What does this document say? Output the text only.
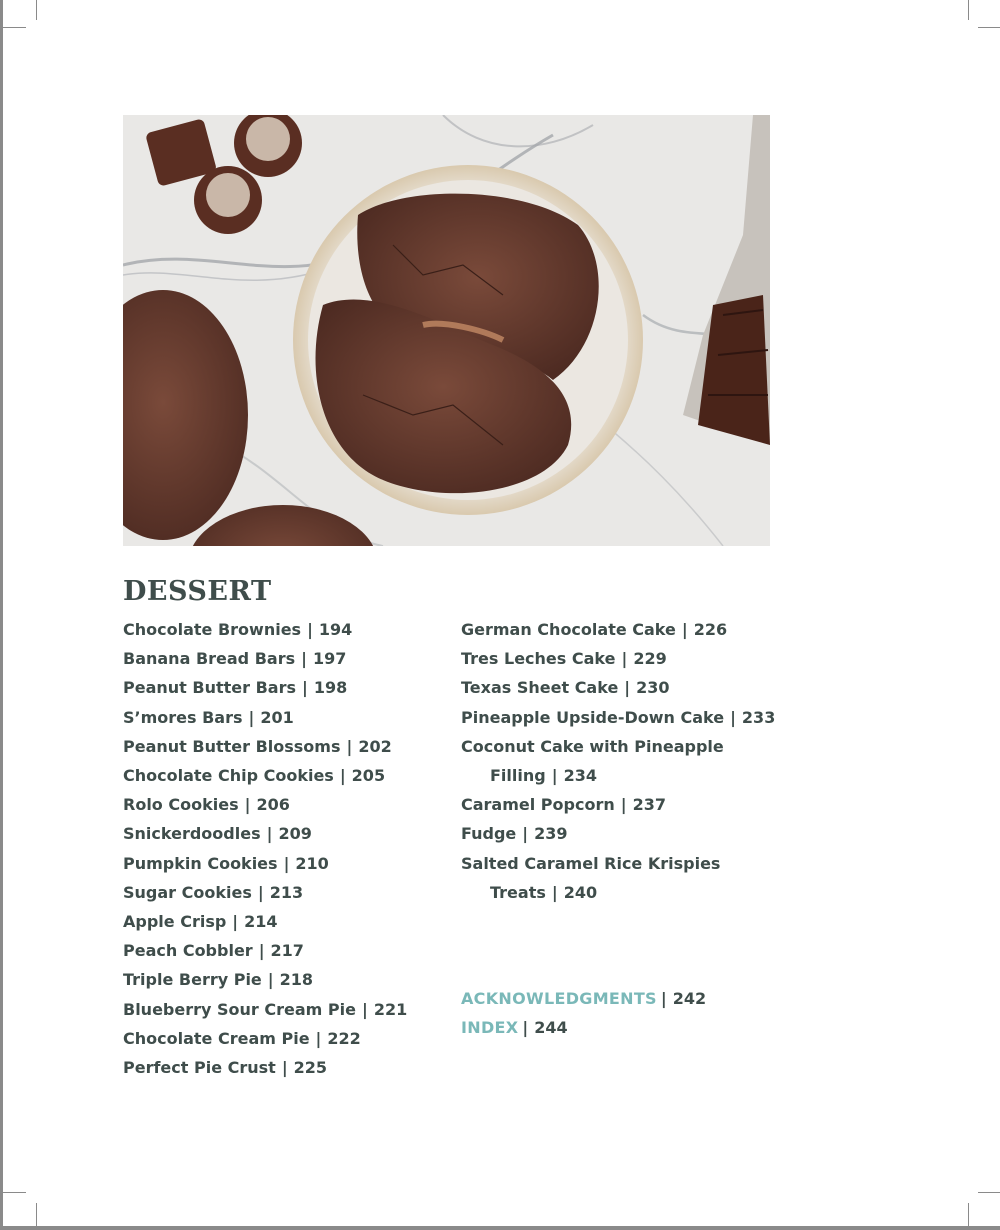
DESSERT
Chocolate Brownies | 194
Banana Bread Bars | 197
Peanut Butter Bars | 198
S’mores Bars | 201
Peanut Butter Blossoms | 202
Chocolate Chip Cookies | 205
Rolo Cookies | 206
Snickerdoodles | 209
Pumpkin Cookies | 210
Sugar Cookies | 213
Apple Crisp | 214
Peach Cobbler | 217
Triple Berry Pie | 218
Blueberry Sour Cream Pie | 221
Chocolate Cream Pie | 222
Perfect Pie Crust | 225
German Chocolate Cake | 226
Tres Leches Cake | 229
Texas Sheet Cake | 230
Pineapple Upside-Down Cake | 233
Coconut Cake with Pineapple
Filling | 234
Caramel Popcorn | 237
Fudge | 239
Salted Caramel Rice Krispies
Treats | 240
ACKNOWLEDGMENTS | 242
INDEX | 244
